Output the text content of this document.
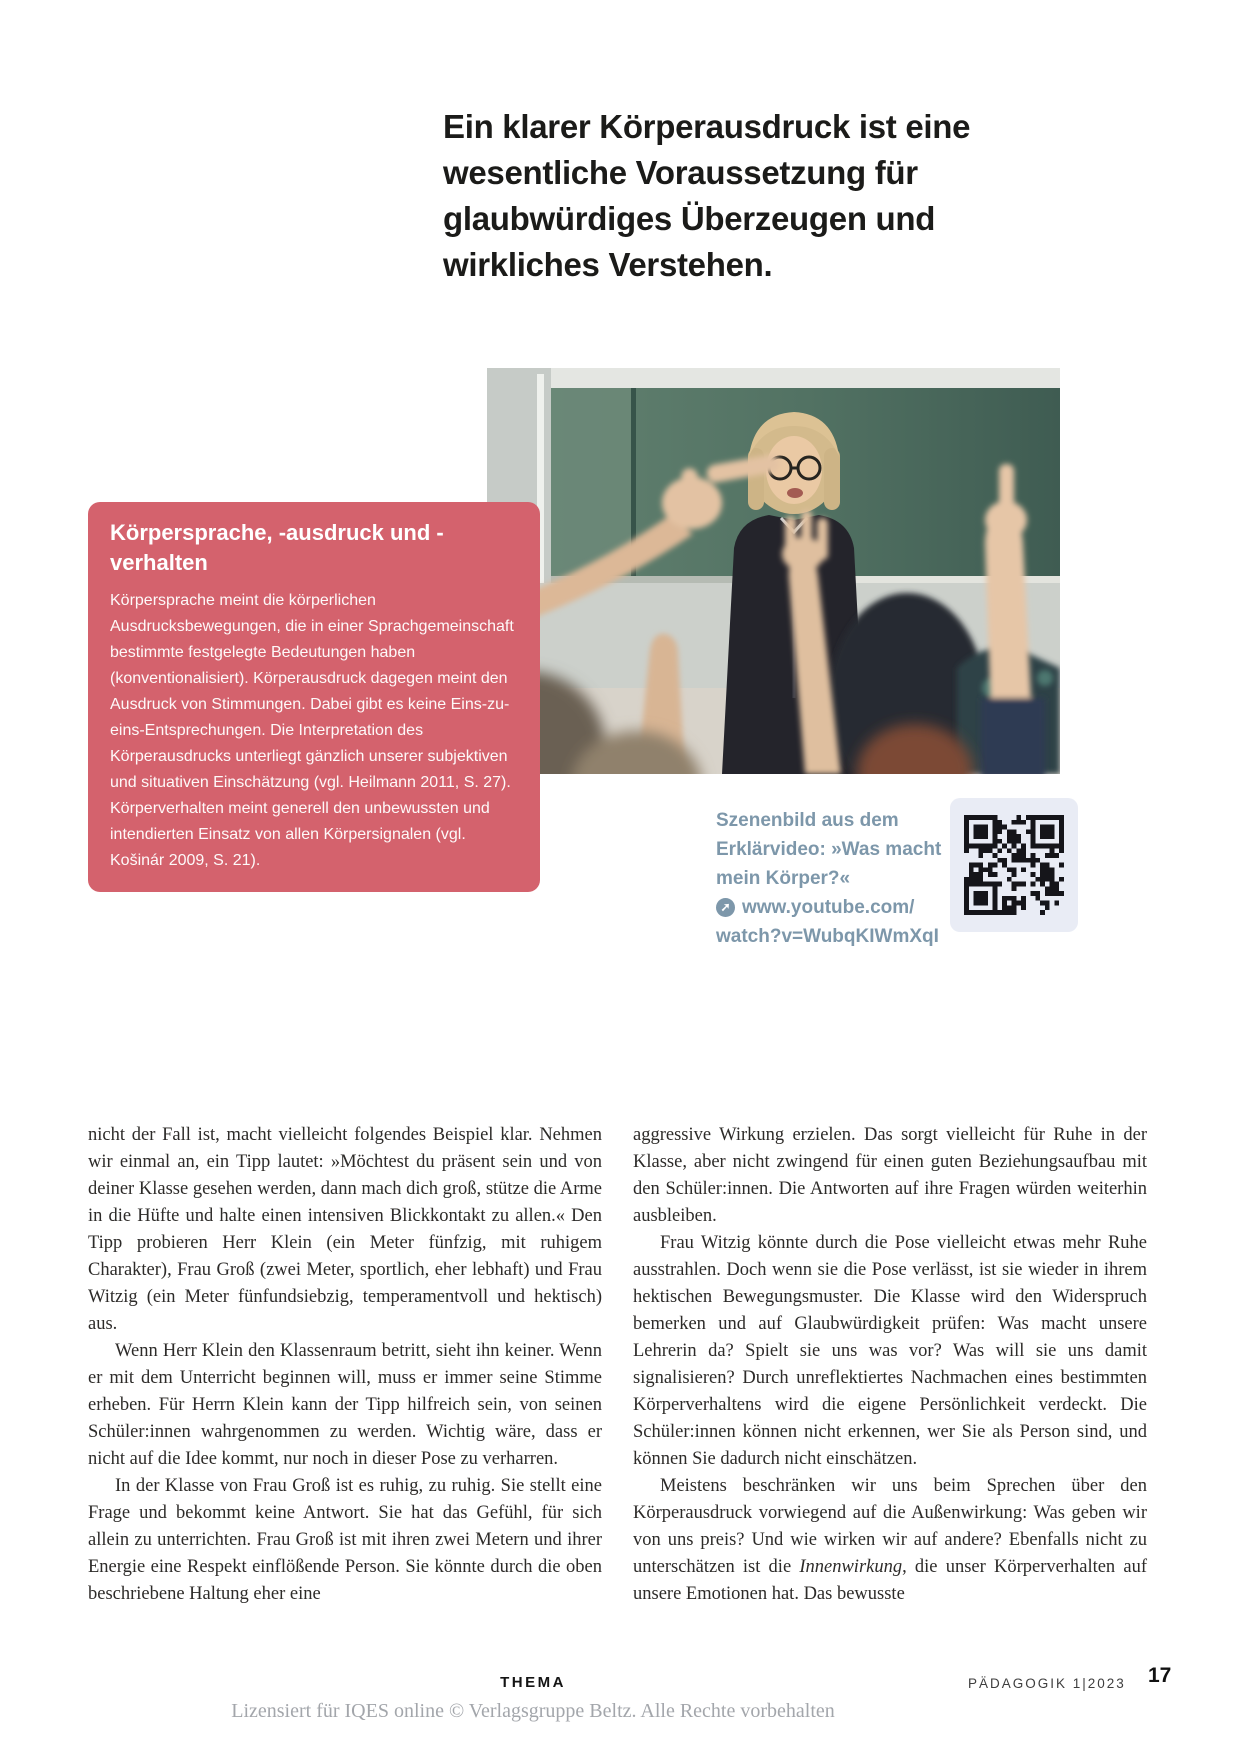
Ein klarer Körperausdruck ist eine wesentliche Voraussetzung für glaubwürdiges Überzeugen und wirkliches Verstehen.
Körpersprache, -ausdruck und -verhalten

Körpersprache meint die körperlichen Ausdrucksbewegungen, die in einer Sprachgemeinschaft bestimmte festgelegte Bedeutungen haben (konventionalisiert). Körperausdruck dagegen meint den Ausdruck von Stimmungen. Dabei gibt es keine Eins-zu-eins-Entsprechungen. Die Interpretation des Körperausdrucks unterliegt gänzlich unserer subjektiven und situativen Einschätzung (vgl. Heilmann 2011, S. 27). Körperverhalten meint generell den unbewussten und intendierten Einsatz von allen Körpersignalen (vgl. Košinár 2009, S. 21).

Szenenbild aus dem
Erklärvideo: »Was macht
mein Körper?«
➚ www.youtube.com/
watch?v=WubqKIWmXqI

nicht der Fall ist, macht vielleicht folgendes Beispiel klar. Nehmen wir einmal an, ein Tipp lautet: »Möchtest du präsent sein und von deiner Klasse gesehen werden, dann mach dich groß, stütze die Arme in die Hüfte und halte einen intensiven Blickkontakt zu allen.« Den Tipp probieren Herr Klein (ein Meter fünfzig, mit ruhigem Charakter), Frau Groß (zwei Meter, sportlich, eher lebhaft) und Frau Witzig (ein Meter fünfundsiebzig, temperamentvoll und hektisch) aus.

Wenn Herr Klein den Klassenraum betritt, sieht ihn keiner. Wenn er mit dem Unterricht beginnen will, muss er immer seine Stimme erheben. Für Herrn Klein kann der Tipp hilfreich sein, von seinen Schüler:innen wahrgenommen zu werden. Wichtig wäre, dass er nicht auf die Idee kommt, nur noch in dieser Pose zu verharren.

In der Klasse von Frau Groß ist es ruhig, zu ruhig. Sie stellt eine Frage und bekommt keine Antwort. Sie hat das Gefühl, für sich allein zu unterrichten. Frau Groß ist mit ihren zwei Metern und ihrer Energie eine Respekt einflößende Person. Sie könnte durch die oben beschriebene Haltung eher eine

aggressive Wirkung erzielen. Das sorgt vielleicht für Ruhe in der Klasse, aber nicht zwingend für einen guten Beziehungsaufbau mit den Schüler:innen. Die Antworten auf ihre Fragen würden weiterhin ausbleiben.

Frau Witzig könnte durch die Pose vielleicht etwas mehr Ruhe ausstrahlen. Doch wenn sie die Pose verlässt, ist sie wieder in ihrem hektischen Bewegungsmuster. Die Klasse wird den Widerspruch bemerken und auf Glaubwürdigkeit prüfen: Was macht unsere Lehrerin da? Spielt sie uns was vor? Was will sie uns damit signalisieren? Durch unreflektiertes Nachmachen eines bestimmten Körperverhaltens wird die eigene Persönlichkeit verdeckt. Die Schüler:innen können nicht erkennen, wer Sie als Person sind, und können Sie dadurch nicht einschätzen.

Meistens beschränken wir uns beim Sprechen über den Körperausdruck vorwiegend auf die Außenwirkung: Was geben wir von uns preis? Und wie wirken wir auf andere? Ebenfalls nicht zu unterschätzen ist die Innenwirkung, die unser Körperverhalten auf unsere Emotionen hat. Das bewusste

THEMA	PÄDAGOGIK 1|2023 17
Lizensiert für IQES online © Verlagsgruppe Beltz. Alle Rechte vorbehalten
